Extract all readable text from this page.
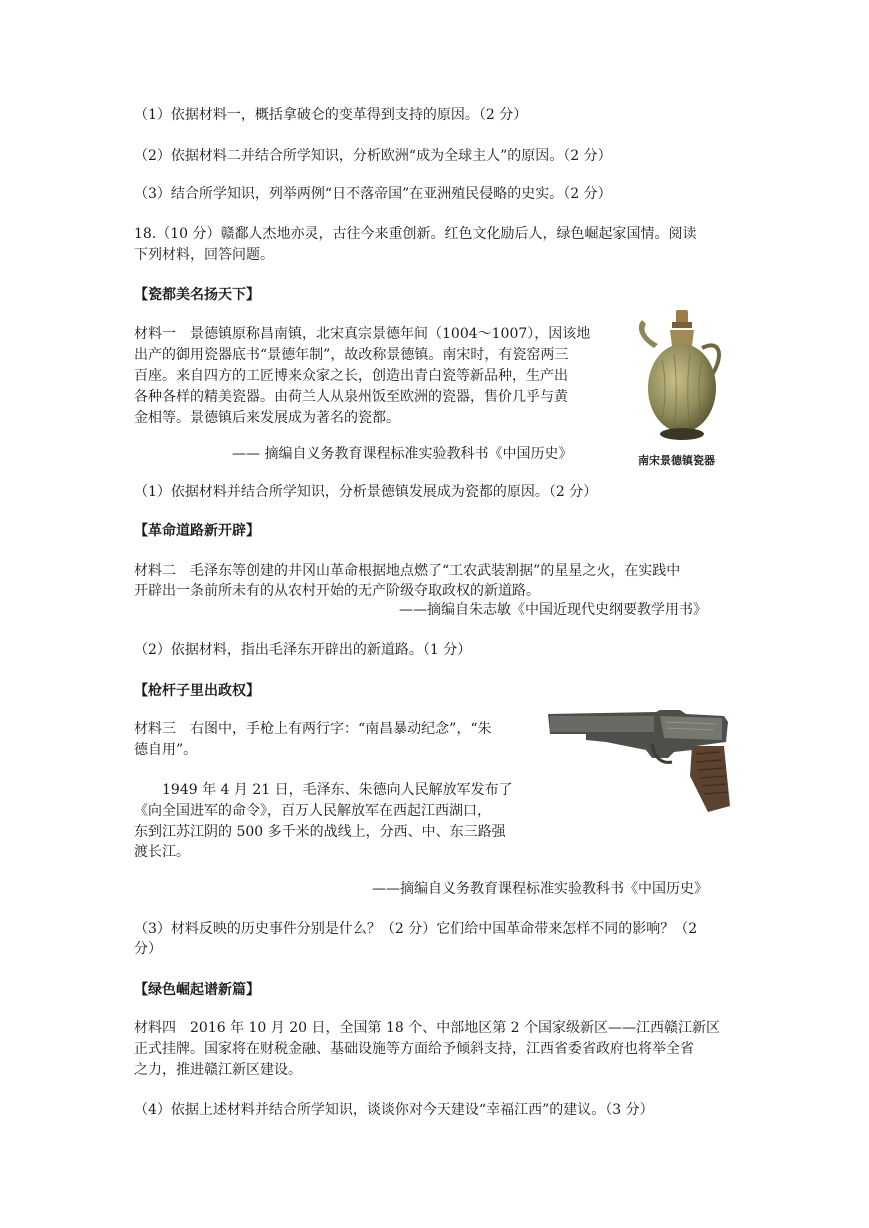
（1）依据材料一，概括拿破仑的变革得到支持的原因。（2 分）
（2）依据材料二并结合所学知识，分析欧洲“成为全球主人”的原因。（2 分）
（3）结合所学知识，列举两例“日不落帝国”在亚洲殖民侵略的史实。（2 分）
18.（10 分）赣鄱人杰地亦灵，古往今来重创新。红色文化励后人，绿色崛起家国情。阅读
下列材料，回答问题。
【瓷都美名扬天下】
材料一　景德镇原称昌南镇，北宋真宗景德年间（1004～1007），因该地
出产的御用瓷器底书“景德年制”，故改称景德镇。南宋时，有瓷窑两三
百座。来自四方的工匠博来众家之长，创造出青白瓷等新品种，生产出
各种各样的精美瓷器。由荷兰人从泉州饭至欧洲的瓷器，售价几乎与黄
金相等。景德镇后来发展成为著名的瓷都。
—— 摘编自义务教育课程标准实验教科书《中国历史》	南宋景德镇瓷器
（1）依据材料并结合所学知识，分析景德镇发展成为瓷都的原因。（2 分）
【革命道路新开辟】
材料二　毛泽东等创建的井冈山革命根据地点燃了“工农武装割据”的星星之火，在实践中
开辟出一条前所未有的从农村开始的无产阶级夺取政权的新道路。
——摘编自朱志敏《中国近现代史纲要教学用书》
（2）依据材料，指出毛泽东开辟出的新道路。（1 分）
【枪杆子里出政权】
材料三　右图中，手枪上有两行字：“南昌暴动纪念”，“朱
德自用”。
　　1949 年 4 月 21 日，毛泽东、朱德向人民解放军发布了
《向全国进军的命令》，百万人民解放军在西起江西湖口，
东到江苏江阴的 500 多千米的战线上，分西、中、东三路强
渡长江。
——摘编自义务教育课程标准实验教科书《中国历史》
（3）材料反映的历史事件分别是什么？（2 分）它们给中国革命带来怎样不同的影响？（2
分）
【绿色崛起谱新篇】
材料四　2016 年 10 月 20 日，全国第 18 个、中部地区第 2 个国家级新区——江西赣江新区
正式挂牌。国家将在财税金融、基础设施等方面给予倾斜支持，江西省委省政府也将举全省
之力，推进赣江新区建设。
（4）依据上述材料并结合所学知识，谈谈你对今天建设“幸福江西”的建议。（3 分）
